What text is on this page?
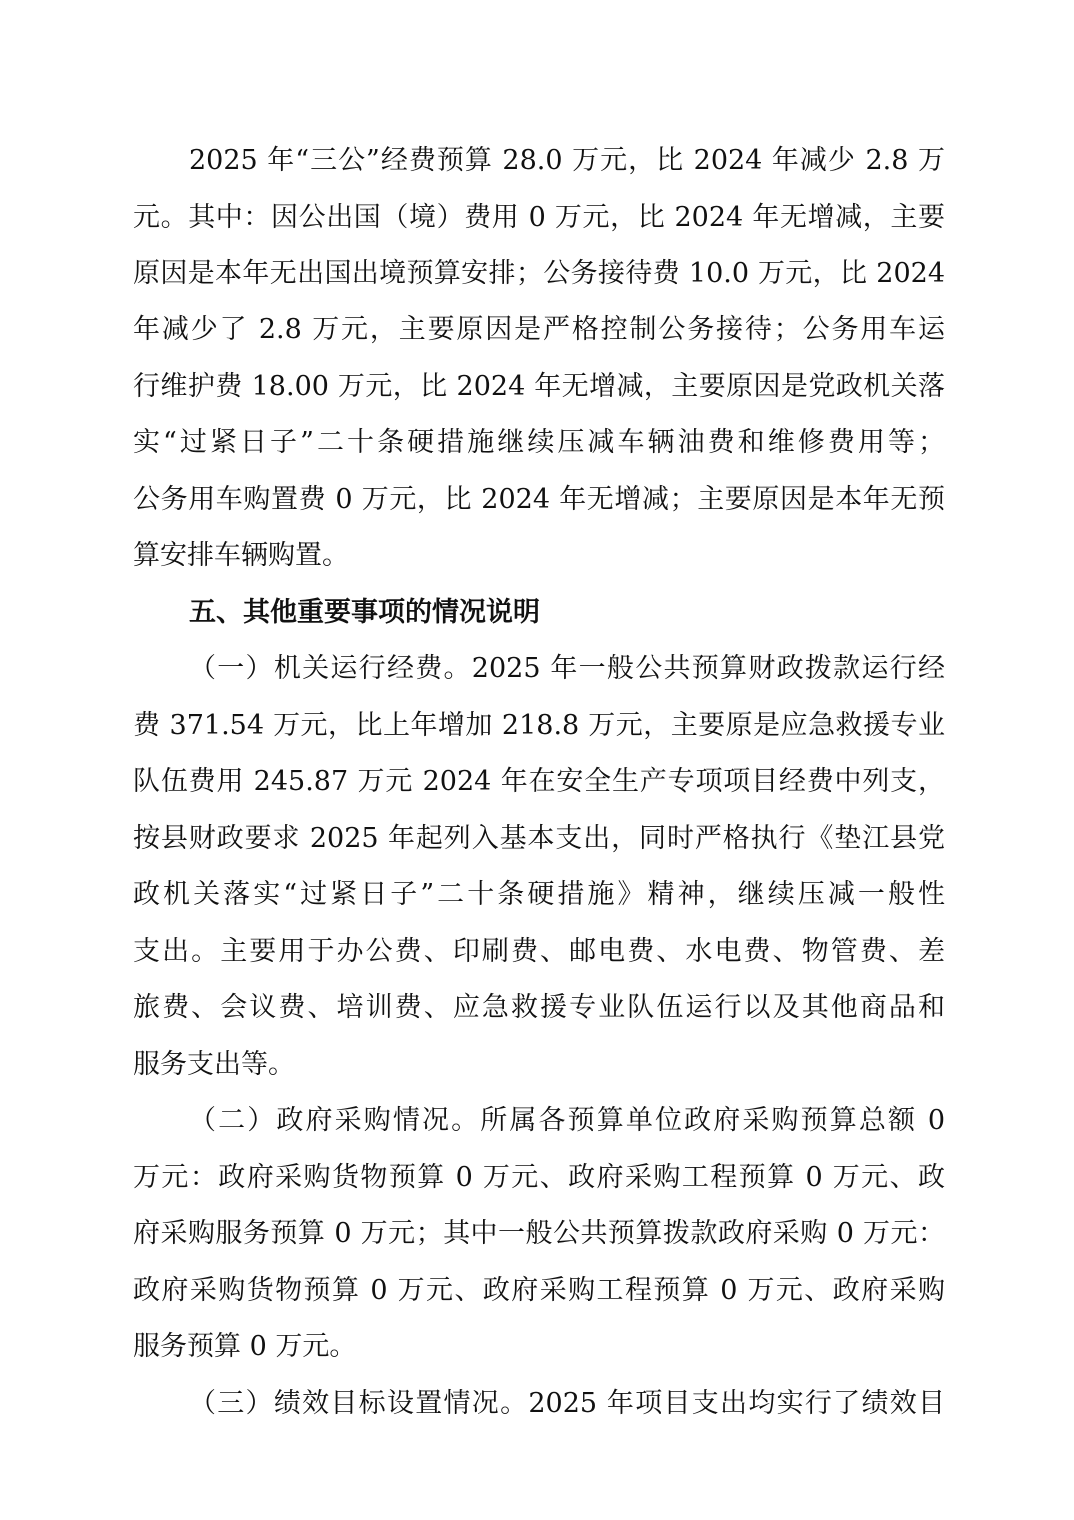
2025 年“三公”经费预算 28.0 万元，比 2024 年减少 2.8 万
元。其中：因公出国（境）费用 0 万元，比 2024 年无增减，主要
原因是本年无出国出境预算安排；公务接待费 10.0 万元，比 2024
年减少了 2.8 万元，主要原因是严格控制公务接待；公务用车运
行维护费 18.00 万元，比 2024 年无增减，主要原因是党政机关落
实“过紧日子”二十条硬措施继续压减车辆油费和维修费用等；
公务用车购置费 0 万元，比 2024 年无增减；主要原因是本年无预
算安排车辆购置。
五、其他重要事项的情况说明
（一）机关运行经费。2025 年一般公共预算财政拨款运行经
费 371.54 万元，比上年增加 218.8 万元，主要原是应急救援专业
队伍费用 245.87 万元 2024 年在安全生产专项项目经费中列支，
按县财政要求 2025 年起列入基本支出，同时严格执行《垫江县党
政机关落实“过紧日子”二十条硬措施》精神，继续压减一般性
支出。主要用于办公费、印刷费、邮电费、水电费、物管费、差
旅费、会议费、培训费、应急救援专业队伍运行以及其他商品和
服务支出等。
（二）政府采购情况。所属各预算单位政府采购预算总额 0
万元：政府采购货物预算 0 万元、政府采购工程预算 0 万元、政
府采购服务预算 0 万元；其中一般公共预算拨款政府采购 0 万元：
政府采购货物预算 0 万元、政府采购工程预算 0 万元、政府采购
服务预算 0 万元。
（三）绩效目标设置情况。2025 年项目支出均实行了绩效目
